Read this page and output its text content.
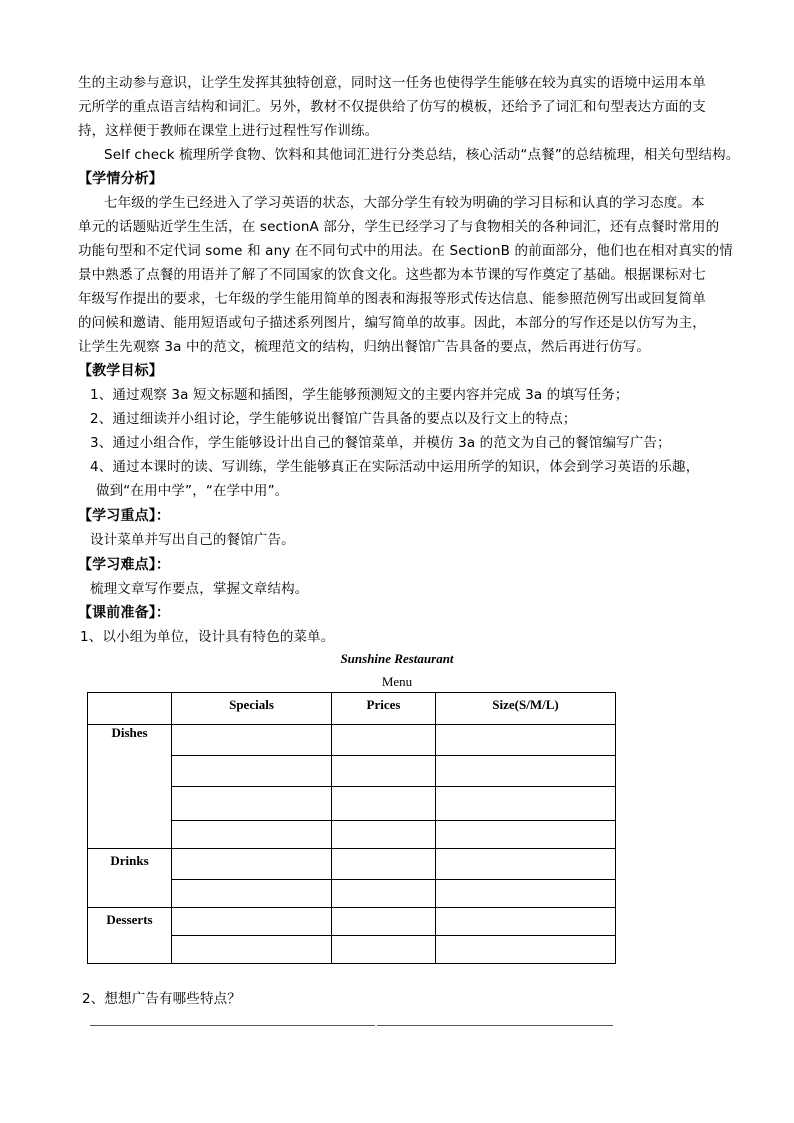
生的主动参与意识，让学生发挥其独特创意，同时这一任务也使得学生能够在较为真实的语境中运用本单
元所学的重点语言结构和词汇。另外，教材不仅提供给了仿写的模板，还给予了词汇和句型表达方面的支
持，这样便于教师在课堂上进行过程性写作训练。
Self check 梳理所学食物、饮料和其他词汇进行分类总结，核心活动“点餐”的总结梳理，相关句型结构。
【学情分析】
七年级的学生已经进入了学习英语的状态，大部分学生有较为明确的学习目标和认真的学习态度。本
单元的话题贴近学生生活，在 sectionA 部分，学生已经学习了与食物相关的各种词汇，还有点餐时常用的
功能句型和不定代词 some 和 any 在不同句式中的用法。在 SectionB 的前面部分，他们也在相对真实的情
景中熟悉了点餐的用语并了解了不同国家的饮食文化。这些都为本节课的写作奠定了基础。根据课标对七
年级写作提出的要求，七年级的学生能用简单的图表和海报等形式传达信息、能参照范例写出或回复简单
的问候和邀请、能用短语或句子描述系列图片，编写简单的故事。因此，本部分的写作还是以仿写为主，
让学生先观察 3a 中的范文，梳理范文的结构，归纳出餐馆广告具备的要点，然后再进行仿写。
【教学目标】
1、通过观察 3a 短文标题和插图，学生能够预测短文的主要内容并完成 3a 的填写任务；
2、通过细读并小组讨论，学生能够说出餐馆广告具备的要点以及行文上的特点；
3、通过小组合作，学生能够设计出自己的餐馆菜单，并模仿 3a 的范文为自己的餐馆编写广告；
4、通过本课时的读、写训练，学生能够真正在实际活动中运用所学的知识，体会到学习英语的乐趣，
做到“在用中学”，“在学中用”。
【学习重点】：
设计菜单并写出自己的餐馆广告。
【学习难点】：
梳理文章写作要点，掌握文章结构。
【课前准备】：
1、以小组为单位，设计具有特色的菜单。
Sunshine Restaurant
Menu
	Specials	Prices	Size(S/M/L)
Dishes			

Drinks			

Desserts			

2、想想广告有哪些特点？
